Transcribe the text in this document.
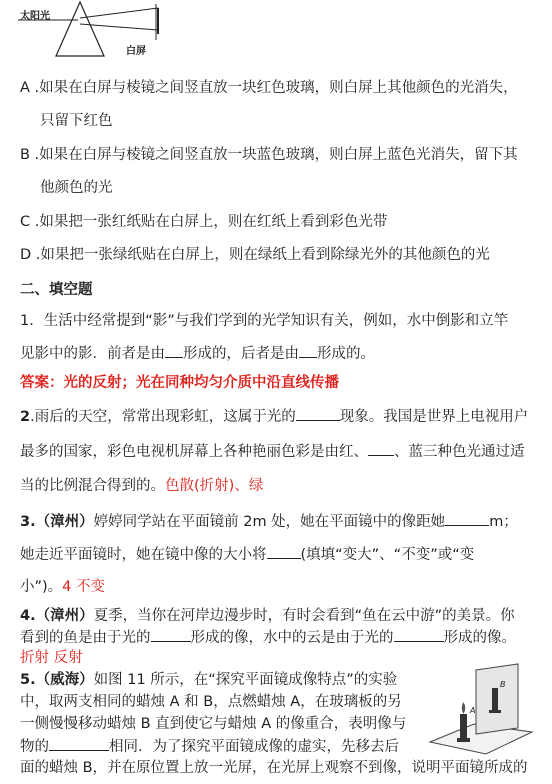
太阳光
白屏
A .如果在白屏与棱镜之间竖直放一块红色玻璃，则白屏上其他颜色的光消失，
只留下红色
B .如果在白屏与棱镜之间竖直放一块蓝色玻璃，则白屏上蓝色光消失，留下其
他颜色的光
C .如果把一张红纸贴在白屏上，则在红纸上看到彩色光带
D .如果把一张绿纸贴在白屏上，则在绿纸上看到除绿光外的其他颜色的光
二、填空题
1．生活中经常提到“影”与我们学到的光学知识有关，例如，水中倒影和立竿
见影中的影．前者是由 形成的，后者是由 形成的。
答案：光的反射；光在同种均匀介质中沿直线传播
2.雨后的天空，常常出现彩虹，这属于光的	现象。我国是世界上电视用户
最多的国家，彩色电视机屏幕上各种艳丽色彩是由红、 、蓝三种色光通过适
当的比例混合得到的。色散(折射)、绿
3.（漳州）婷婷同学站在平面镜前 2m 处，她在平面镜中的像距她	m；
她走近平面镜时，她在镜中像的大小将 (填填“变大”、“不变”或“变
小”)。4 不变
4.（漳州）夏季，当你在河岸边漫步时，有时会看到“鱼在云中游”的美景。你
看到的鱼是由于光的	形成的像，水中的云是由于光的	形成的像。
折射 反射
5.（威海）如图 11 所示，在“探究平面镜成像特点”的实验
中，取两支相同的蜡烛 A 和 B，点燃蜡烛 A，在玻璃板的另
一侧慢慢移动蜡烛 B 直到使它与蜡烛 A 的像重合，表明像与
物的	相同．为了探究平面镜成像的虚实，先移去后
面的蜡烛 B，并在原位置上放一光屏，在光屏上观察不到像，说明平面镜所成的
A
B
